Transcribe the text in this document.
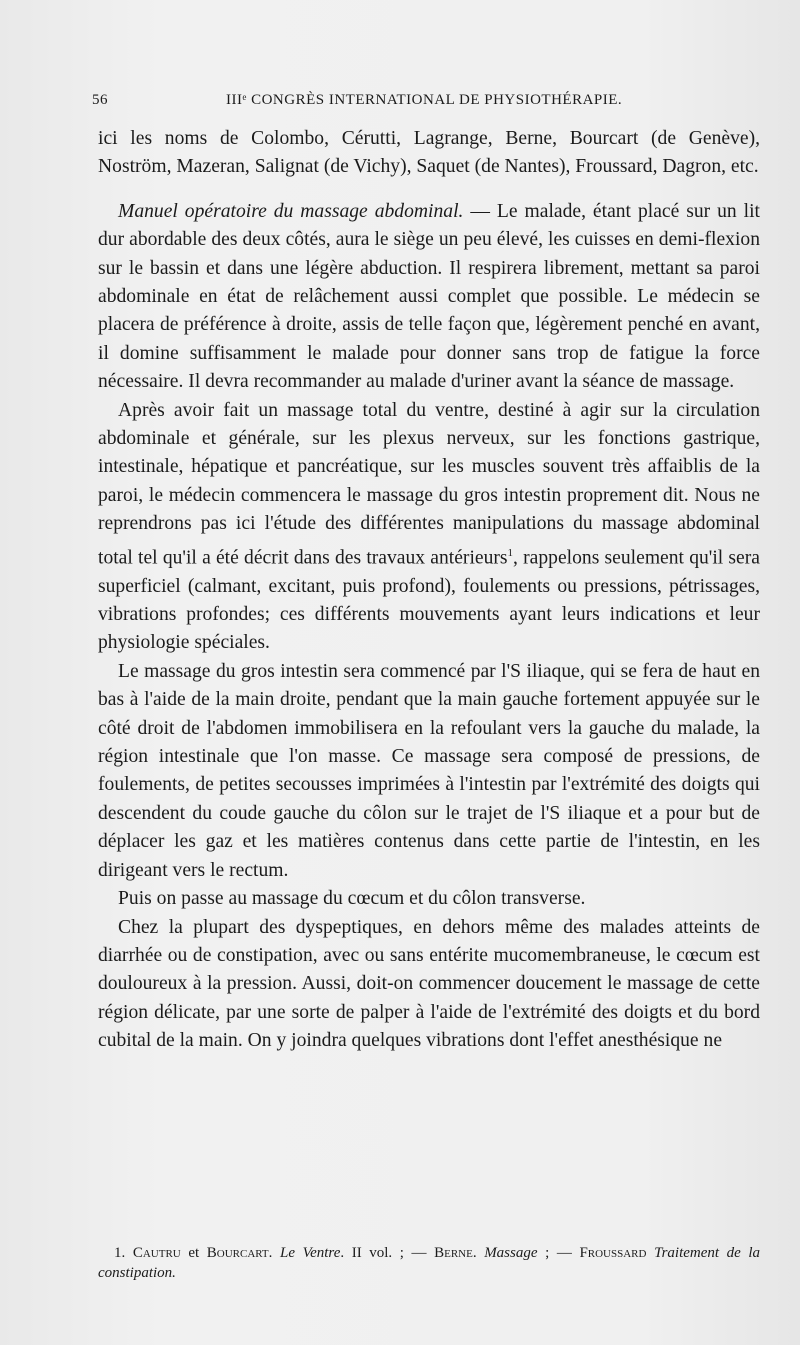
56	IIIᵉ CONGRÈS INTERNATIONAL DE PHYSIOTHÉRAPIE.

ici les noms de Colombo, Cérutti, Lagrange, Berne, Bourcart (de Genève), Noström, Mazeran, Salignat (de Vichy), Saquet (de Nantes), Froussard, Dagron, etc.

Manuel opératoire du massage abdominal. — Le malade, étant placé sur un lit dur abordable des deux côtés, aura le siège un peu élevé, les cuisses en demi-flexion sur le bassin et dans une légère abduction. Il respirera librement, mettant sa paroi abdominale en état de relâchement aussi complet que possible. Le médecin se placera de préférence à droite, assis de telle façon que, légèrement penché en avant, il domine suffisamment le malade pour donner sans trop de fatigue la force nécessaire. Il devra recommander au malade d'uriner avant la séance de massage.

Après avoir fait un massage total du ventre, destiné à agir sur la circulation abdominale et générale, sur les plexus nerveux, sur les fonctions gastrique, intestinale, hépatique et pancréatique, sur les muscles souvent très affaiblis de la paroi, le médecin commencera le massage du gros intestin proprement dit. Nous ne reprendrons pas ici l'étude des différentes manipulations du massage abdominal total tel qu'il a été décrit dans des travaux antérieurs$^1$, rappelons seulement qu'il sera superficiel (calmant, excitant, puis profond), foulements ou pressions, pétrissages, vibrations profondes; ces différents mouvements ayant leurs indications et leur physiologie spéciales.

Le massage du gros intestin sera commencé par l'S iliaque, qui se fera de haut en bas à l'aide de la main droite, pendant que la main gauche fortement appuyée sur le côté droit de l'abdomen immobilisera en la refoulant vers la gauche du malade, la région intestinale que l'on masse. Ce massage sera composé de pressions, de foulements, de petites secousses imprimées à l'intestin par l'extrémité des doigts qui descendent du coude gauche du côlon sur le trajet de l'S iliaque et a pour but de déplacer les gaz et les matières contenus dans cette partie de l'intestin, en les dirigeant vers le rectum.

Puis on passe au massage du cœcum et du côlon transverse.

Chez la plupart des dyspeptiques, en dehors même des malades atteints de diarrhée ou de constipation, avec ou sans entérite mucomembraneuse, le cœcum est douloureux à la pression. Aussi, doit-on commencer doucement le massage de cette région délicate, par une sorte de palper à l'aide de l'extrémité des doigts et du bord cubital de la main. On y joindra quelques vibrations dont l'effet anesthésique ne

1. Cautru et Bourcart. Le Ventre. II vol. ; — Berne. Massage ; — Froussard Traitement de la constipation.
